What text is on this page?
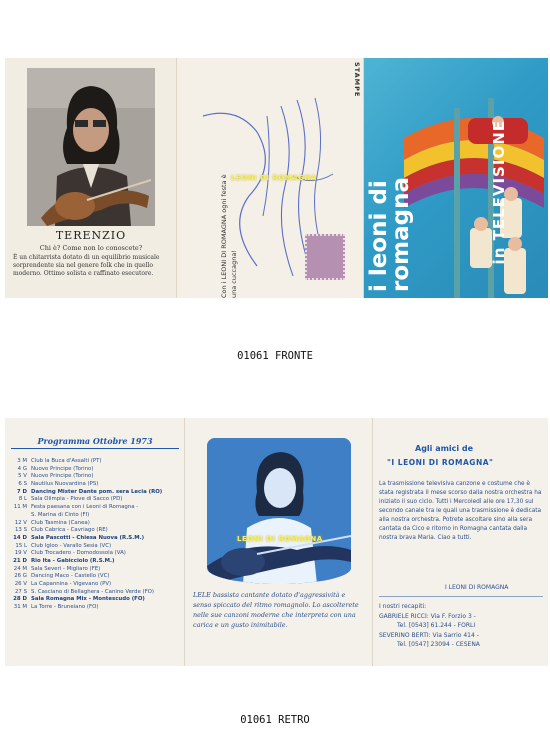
TERENZIO
Chi è? Come non lo conoscete?
È un chitarrista dotato di un equilibrio musicale sorprendente sia nel genere folk che in quello moderno. Ottimo solista e raffinato esecutore.
STAMPE
Con i LEONI DI ROMAGNA ogni festa è una cuccagna!
LEONI DI ROMAGNA
i leoni di
romagna	in TELEVISIONE
01061 FRONTE
Programma Ottobre 1973
3 M Club la Buca d'Assalti (PT)
4 G Nuovo Principe (Torino)
5 V Nuovo Principe (Torino)
6 S Nautilus Nuovardina (PS)
7 D Dancing Mister Dante pom. sera Lecia (RO)
8 L Sala Olimpia - Piove di Sacco (PD)
11 M Festa paesana con i Leoni di Romagna -
S. Marina di Cinto (FI)
12 V Club Tasmina (Canea)
13 S Club Cabrica - Cavriago (RE)
14 D Sala Pascotti - Chiesa Nuova (R.S.M.)
15 L Club Igloo - Varallo Sesia (VC)
19 V Club Trocadero - Domodossola (VA)
21 D Rio Ita - Gabicciolo (R.S.M.)
24 M Sala Severi - Migliaro (FE)
26 G Dancing Maco - Castello (VC)
26 V La Capannina - Vigevano (PV)
27 S S. Casciano di Bellaghera - Canino Verde (FO)
28 D Sala Romagna Mix - Montescudo (FO)
31 M La Torre - Bruneiano (FO)
LEONI DI ROMAGNA
LELE bassista cantante dotato d'aggressività e senso spiccato del ritmo romagnolo. Lo ascolterete nelle sue canzoni moderne che interpreta con una carica e un gusto inimitabile.
Agli amici de
"I LEONI DI ROMAGNA"
La trasmissione televisiva canzone e costume che è stata registrata il mese scorso dalla nostra orchestra ha iniziato il suo ciclo. Tutti i Mercoledì alle ore 17,30 sul secondo canale tra le quali una trasmissione è dedicata alla nostra orchestra. Potrete ascoltare sino alla sera cantata da Cico e ritorno in Romagna cantata dalla nostra brava Maria. Ciao a tutti.
I LEONI DI ROMAGNA
I nostri recapiti:
GABRIELE RICCI: Via F. Forzio 3 -
Tel. [0543] 61.244 - FORLI
SEVERINO BERTI: Via Sarrio 414 -
Tel. [0547] 23094 - CESENA
01061 RETRO
